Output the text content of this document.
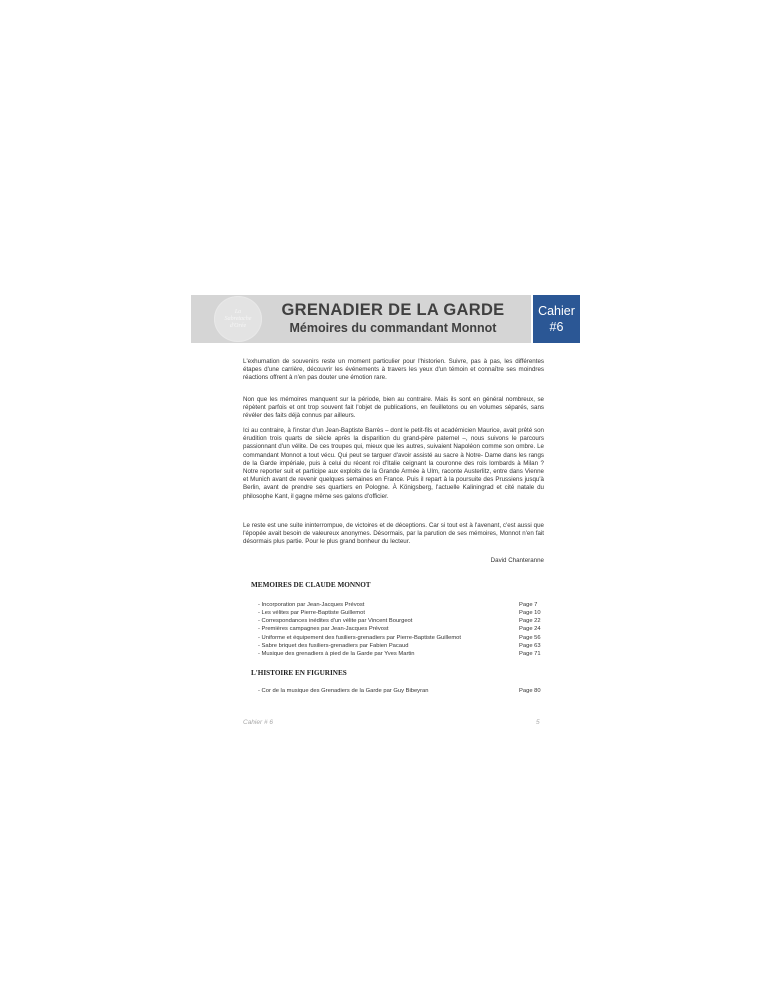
La
Sabretache
d'Orée
GRENADIER DE LA GARDE
Mémoires du commandant Monnot
Cahier
#6

L'exhumation de souvenirs reste un moment particulier pour l'historien. Suivre, pas à pas, les différentes étapes d'une carrière, découvrir les événements à travers les yeux d'un témoin et connaître ses moindres réactions offrent à n'en pas douter une émotion rare.

Non que les mémoires manquent sur la période, bien au contraire. Mais ils sont en général nombreux, se répètent parfois et ont trop souvent fait l'objet de publications, en feuilletons ou en volumes séparés, sans révéler des faits déjà connus par ailleurs.

Ici au contraire, à l'instar d'un Jean-Baptiste Barrès – dont le petit-fils et académicien Maurice, avait prêté son érudition trois quarts de siècle après la disparition du grand-père paternel –, nous suivons le parcours passionnant d'un vélite. De ces troupes qui, mieux que les autres, suivaient Napoléon comme son ombre. Le commandant Monnot a tout vécu. Qui peut se targuer d'avoir assisté au sacre à Notre- Dame dans les rangs de la Garde impériale, puis à celui du récent roi d'Italie ceignant la couronne des rois lombards à Milan ? Notre reporter suit et participe aux exploits de la Grande Armée à Ulm, raconte Austerlitz, entre dans Vienne et Munich avant de revenir quelques semaines en France. Puis il repart à la poursuite des Prussiens jusqu'à Berlin, avant de prendre ses quartiers en Pologne. À Königsberg, l'actuelle Kaliningrad et cité natale du philosophe Kant, il gagne même ses galons d'officier.

Le reste est une suite ininterrompue, de victoires et de déceptions. Car si tout est à l'avenant, c'est aussi que l'épopée avait besoin de valeureux anonymes. Désormais, par la parution de ses mémoires, Monnot n'en fait désormais plus partie. Pour le plus grand bonheur du lecteur.

David Chanteranne

MEMOIRES DE CLAUDE MONNOT
- Incorporation par Jean-Jacques Prévost	Page 7
- Les vélites par Pierre-Baptiste Guillemot	Page 10
- Correspondances inédites d'un vélite par Vincent Bourgeot	Page 22
- Premières campagnes par Jean-Jacques Prévost	Page 24
- Uniforme et équipement des fusiliers-grenadiers par Pierre-Baptiste Guillemot	Page 56
- Sabre briquet des fusiliers-grenadiers par Fabien Pacaud	Page 63
- Musique des grenadiers à pied de la Garde par Yves Martin	Page 71
L'HISTOIRE EN FIGURINES
- Cor de la musique des Grenadiers de la Garde par Guy Bibeyran	Page 80
Cahier # 6	5
